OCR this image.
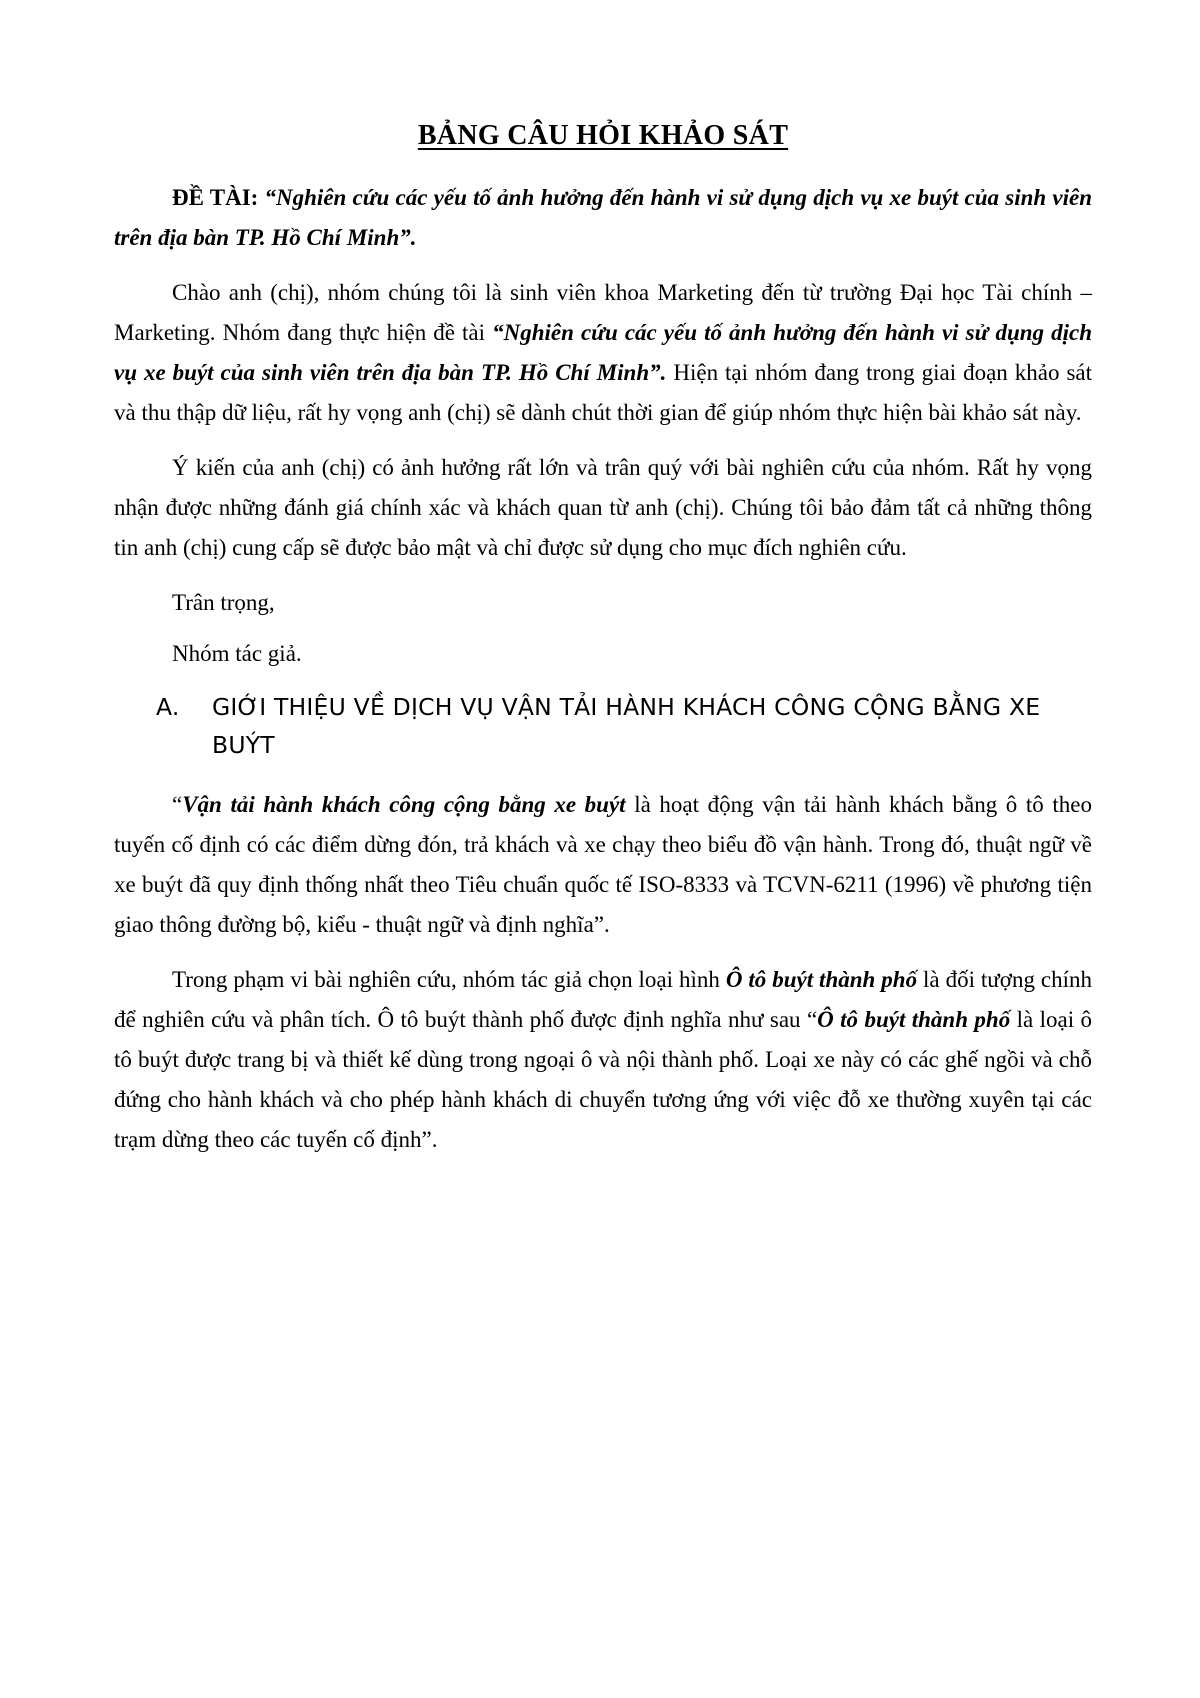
BẢNG CÂU HỎI KHẢO SÁT

ĐỀ TÀI: “Nghiên cứu các yếu tố ảnh hưởng đến hành vi sử dụng dịch vụ xe buýt của sinh viên trên địa bàn TP. Hồ Chí Minh”.

Chào anh (chị), nhóm chúng tôi là sinh viên khoa Marketing đến từ trường Đại học Tài chính – Marketing. Nhóm đang thực hiện đề tài “Nghiên cứu các yếu tố ảnh hưởng đến hành vi sử dụng dịch vụ xe buýt của sinh viên trên địa bàn TP. Hồ Chí Minh”. Hiện tại nhóm đang trong giai đoạn khảo sát và thu thập dữ liệu, rất hy vọng anh (chị) sẽ dành chút thời gian để giúp nhóm thực hiện bài khảo sát này.

Ý kiến của anh (chị) có ảnh hưởng rất lớn và trân quý với bài nghiên cứu của nhóm. Rất hy vọng nhận được những đánh giá chính xác và khách quan từ anh (chị). Chúng tôi bảo đảm tất cả những thông tin anh (chị) cung cấp sẽ được bảo mật và chỉ được sử dụng cho mục đích nghiên cứu.

Trân trọng,

Nhóm tác giả.

A.	GIỚI THIỆU VỀ DỊCH VỤ VẬN TẢI HÀNH KHÁCH CÔNG CỘNG BẰNG XE BUÝT

“Vận tải hành khách công cộng bằng xe buýt là hoạt động vận tải hành khách bằng ô tô theo tuyến cố định có các điểm dừng đón, trả khách và xe chạy theo biểu đồ vận hành. Trong đó, thuật ngữ về xe buýt đã quy định thống nhất theo Tiêu chuẩn quốc tế ISO-8333 và TCVN-6211 (1996) về phương tiện giao thông đường bộ, kiểu - thuật ngữ và định nghĩa”.

Trong phạm vi bài nghiên cứu, nhóm tác giả chọn loại hình Ô tô buýt thành phố là đối tượng chính để nghiên cứu và phân tích. Ô tô buýt thành phố được định nghĩa như sau “Ô tô buýt thành phố là loại ô tô buýt được trang bị và thiết kế dùng trong ngoại ô và nội thành phố. Loại xe này có các ghế ngồi và chỗ đứng cho hành khách và cho phép hành khách di chuyển tương ứng với việc đỗ xe thường xuyên tại các trạm dừng theo các tuyến cố định”.
